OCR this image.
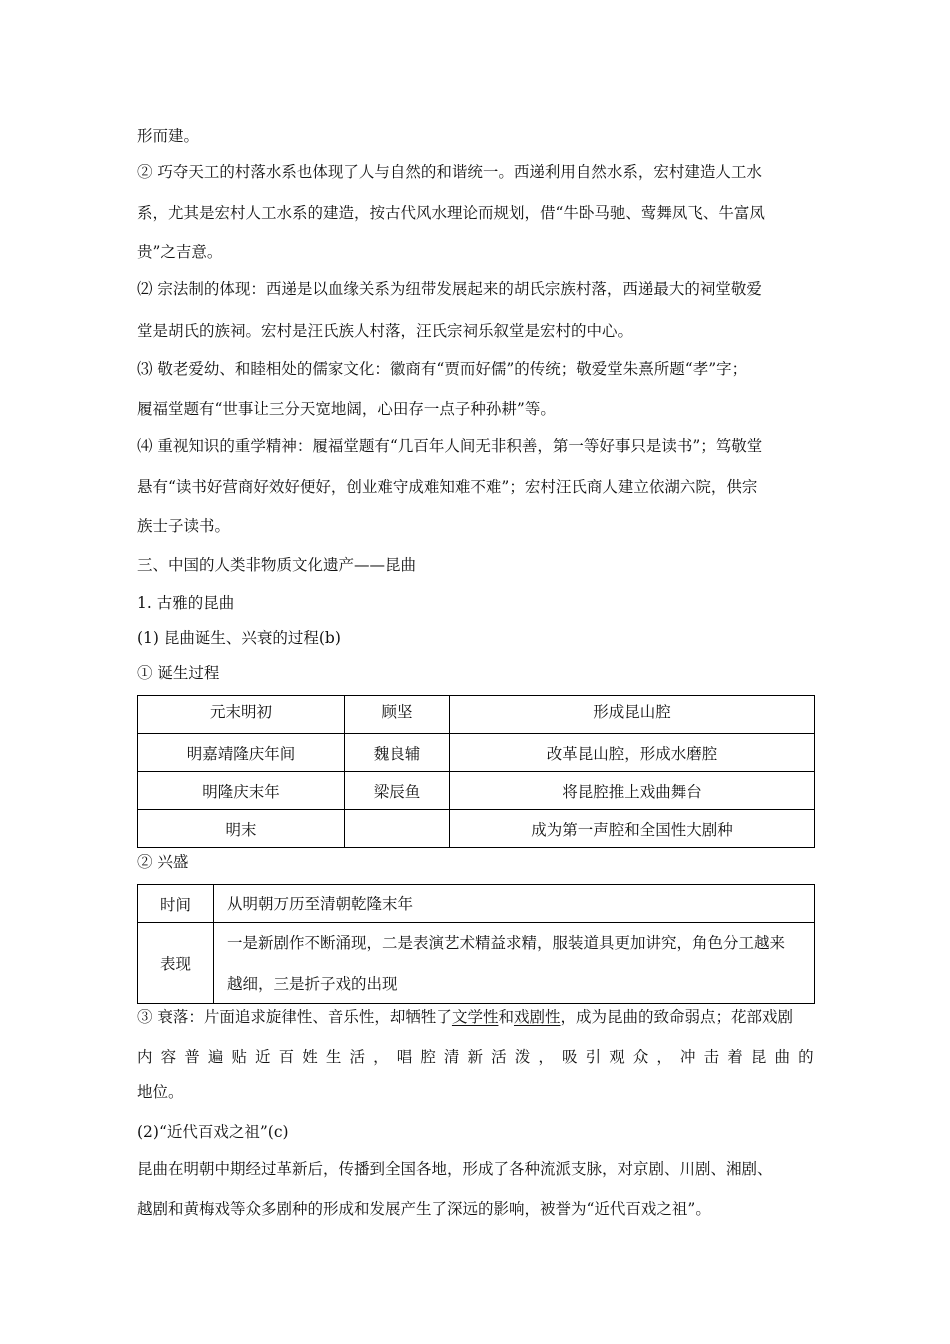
形而建。
② 巧夺天工的村落水系也体现了人与自然的和谐统一。西递利用自然水系，宏村建造人工水
系，尤其是宏村人工水系的建造，按古代风水理论而规划，借“牛卧马驰、莺舞凤飞、牛富凤
贵”之吉意。
⑵ 宗法制的体现：西递是以血缘关系为纽带发展起来的胡氏宗族村落，西递最大的祠堂敬爱
堂是胡氏的族祠。宏村是汪氏族人村落，汪氏宗祠乐叙堂是宏村的中心。
⑶ 敬老爱幼、和睦相处的儒家文化：徽商有“贾而好儒”的传统；敬爱堂朱熹所题“孝”字；
履福堂题有“世事让三分天宽地阔，心田存一点子种孙耕”等。
⑷ 重视知识的重学精神：履福堂题有“几百年人间无非积善，第一等好事只是读书”；笃敬堂
悬有“读书好营商好效好便好，创业难守成难知难不难”；宏村汪氏商人建立依湖六院，供宗
族士子读书。
三、中国的人类非物质文化遗产——昆曲
1. 古雅的昆曲
(1) 昆曲诞生、兴衰的过程(b)
① 诞生过程
元末明初	顾坚	形成昆山腔
明嘉靖隆庆年间	魏良辅	改革昆山腔，形成水磨腔
明隆庆末年	梁辰鱼	将昆腔推上戏曲舞台
明末		成为第一声腔和全国性大剧种
② 兴盛
时间	从明朝万历至清朝乾隆末年
表现	一是新剧作不断涌现，二是表演艺术精益求精，服装道具更加讲究，角色分工越来
越细，三是折子戏的出现
③ 衰落：片面追求旋律性、音乐性，却牺牲了文学性和戏剧性，成为昆曲的致命弱点；花部戏剧
内 容 普 遍 贴 近 百 姓 生 活 ， 唱 腔 清 新 活 泼 ， 吸 引 观 众 ， 冲 击 着 昆 曲 的
地位。
(2)“近代百戏之祖”(c)
昆曲在明朝中期经过革新后，传播到全国各地，形成了各种流派支脉，对京剧、川剧、湘剧、
越剧和黄梅戏等众多剧种的形成和发展产生了深远的影响，被誉为“近代百戏之祖”。
